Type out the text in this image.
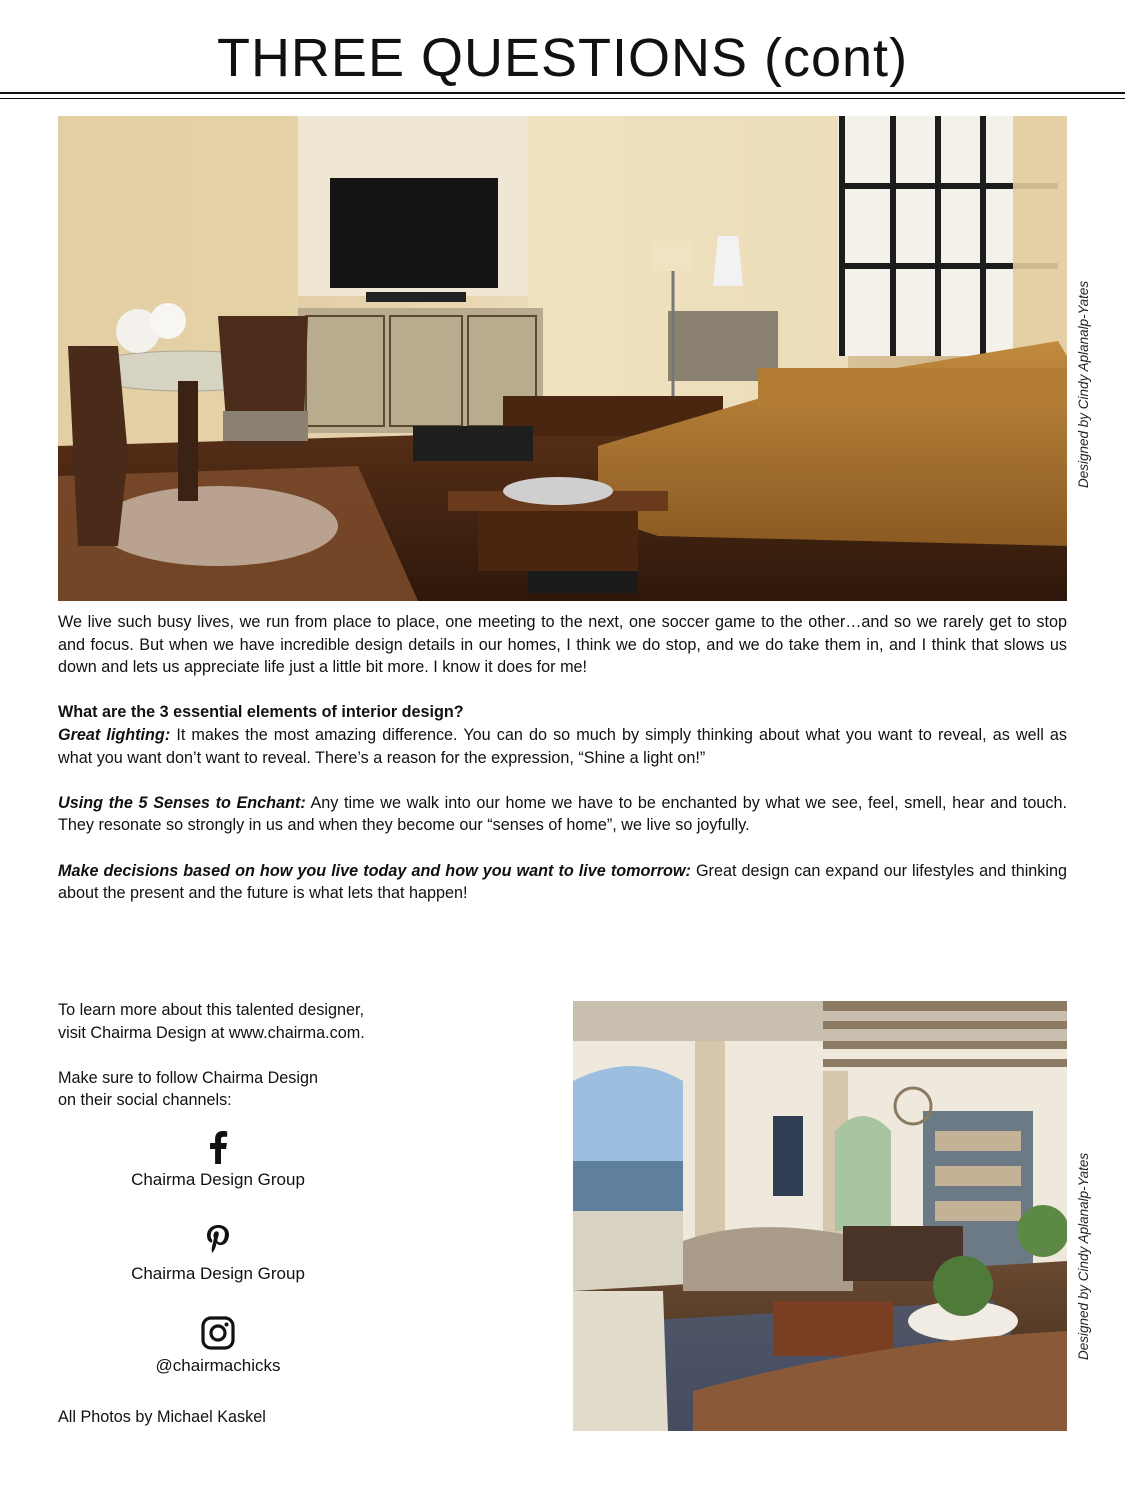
THREE QUESTIONS (cont)
Designed by Cindy Aplanalp-Yates

We live such busy lives, we run from place to place, one meeting to the next, one soccer game to the other…and so we rarely get to stop and focus. But when we have incredible design details in our homes, I think we do stop, and we do take them in, and I think that slows us down and lets us appreciate life just a little bit more. I know it does for me!

What are the 3 essential elements of interior design?
Great lighting: It makes the most amazing difference. You can do so much by simply thinking about what you want to reveal, as well as what you want don’t want to reveal. There’s a reason for the expression, “Shine a light on!”

Using the 5 Senses to Enchant: Any time we walk into our home we have to be enchanted by what we see, feel, smell, hear and touch. They resonate so strongly in us and when they become our “senses of home”, we live so joyfully.

Make decisions based on how you live today and how you want to live tomorrow: Great design can expand our lifestyles and thinking about the present and the future is what lets that happen!

To learn more about this talented designer,

visit Chairma Design at www.chairma.com.

Make sure to follow Chairma Design

on their social channels:

Chairma Design Group
Chairma Design Group
@chairmachicks
All Photos by Michael Kaskel
Designed by Cindy Aplanalp-Yates
